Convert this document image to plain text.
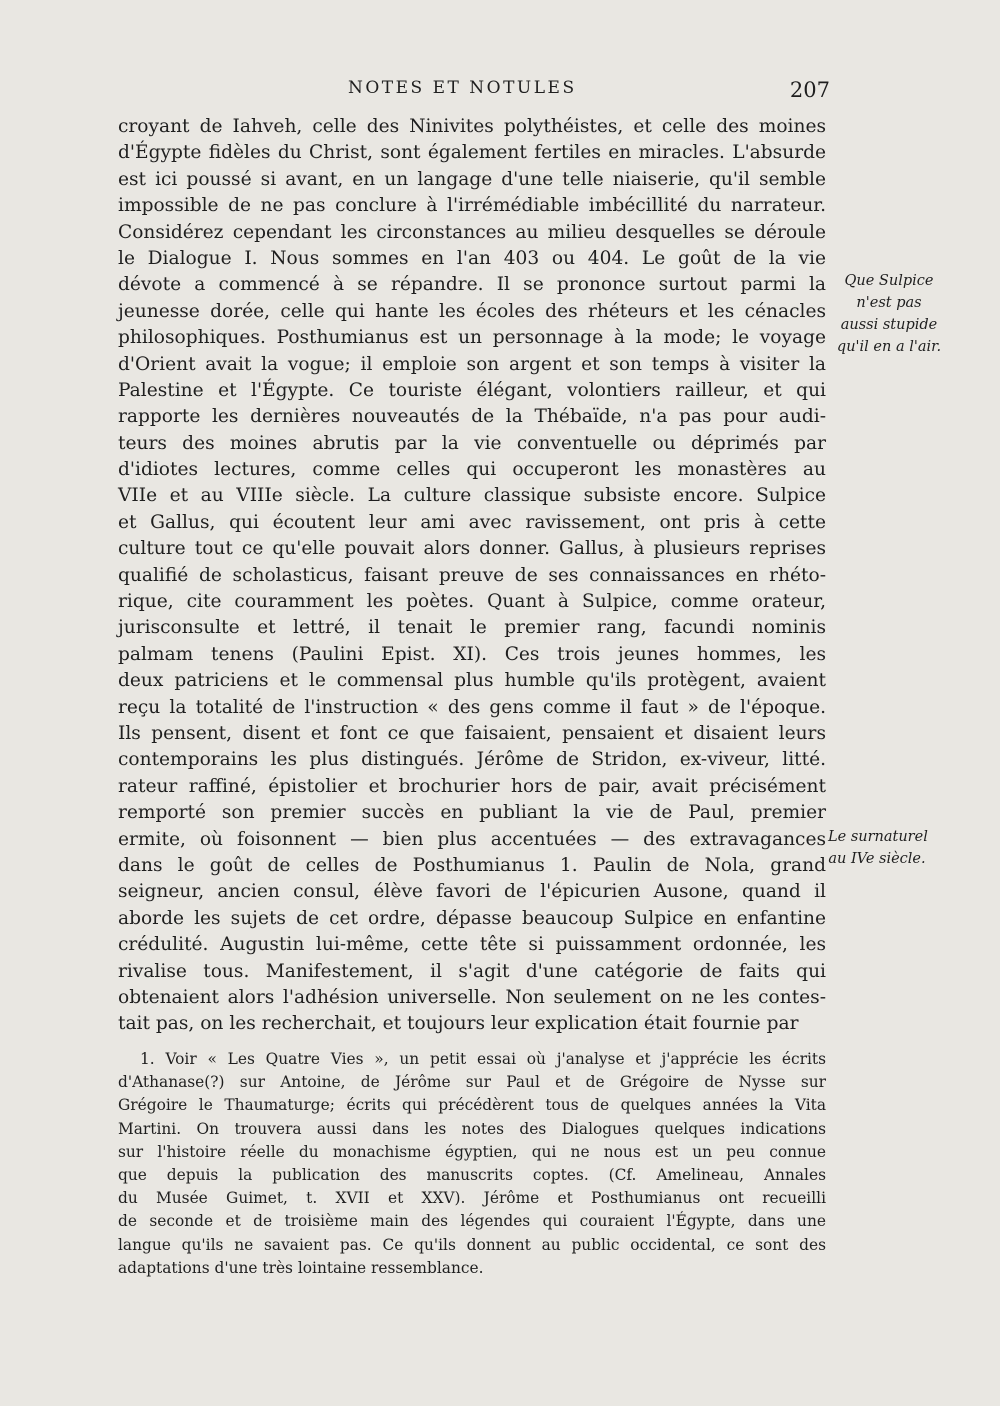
NOTES ET NOTULES	207
croyant de Iahveh, celle des Ninivites polythéistes, et celle des moines
d'Égypte fidèles du Christ, sont également fertiles en miracles. L'absurde
est ici poussé si avant, en un langage d'une telle niaiserie, qu'il semble
impossible de ne pas conclure à l'irrémédiable imbécillité du narrateur.
Considérez cependant les circonstances au milieu desquelles se déroule
le Dialogue I. Nous sommes en l'an 403 ou 404. Le goût de la vie
dévote a commencé à se répandre. Il se prononce surtout parmi la
jeunesse dorée, celle qui hante les écoles des rhéteurs et les cénacles
philosophiques. Posthumianus est un personnage à la mode; le voyage
d'Orient avait la vogue; il emploie son argent et son temps à visiter la
Palestine et l'Égypte. Ce touriste élégant, volontiers railleur, et qui
rapporte les dernières nouveautés de la Thébaïde, n'a pas pour audi-
teurs des moines abrutis par la vie conventuelle ou déprimés par
d'idiotes lectures, comme celles qui occuperont les monastères au
VIIe et au VIIIe siècle. La culture classique subsiste encore. Sulpice
et Gallus, qui écoutent leur ami avec ravissement, ont pris à cette
culture tout ce qu'elle pouvait alors donner. Gallus, à plusieurs reprises
qualifié de scholasticus, faisant preuve de ses connaissances en rhéto-
rique, cite couramment les poètes. Quant à Sulpice, comme orateur,
jurisconsulte et lettré, il tenait le premier rang, facundi nominis
palmam tenens (Paulini Epist. XI). Ces trois jeunes hommes, les
deux patriciens et le commensal plus humble qu'ils protègent, avaient
reçu la totalité de l'instruction « des gens comme il faut » de l'époque.
Ils pensent, disent et font ce que faisaient, pensaient et disaient leurs
contemporains les plus distingués. Jérôme de Stridon, ex-viveur, litté.
rateur raffiné, épistolier et brochurier hors de pair, avait précisément
remporté son premier succès en publiant la vie de Paul, premier
ermite, où foisonnent — bien plus accentuées — des extravagances
dans le goût de celles de Posthumianus 1. Paulin de Nola, grand
seigneur, ancien consul, élève favori de l'épicurien Ausone, quand il
aborde les sujets de cet ordre, dépasse beaucoup Sulpice en enfantine
crédulité. Augustin lui-même, cette tête si puissamment ordonnée, les
rivalise tous. Manifestement, il s'agit d'une catégorie de faits qui
obtenaient alors l'adhésion universelle. Non seulement on ne les contes-
tait pas, on les recherchait, et toujours leur explication était fournie par
Que Sulpice
n'est pas
aussi stupide
qu'il en a l'air.
Le surnaturel
au IVe siècle.
1. Voir « Les Quatre Vies », un petit essai où j'analyse et j'apprécie les écrits
d'Athanase(?) sur Antoine, de Jérôme sur Paul et de Grégoire de Nysse sur
Grégoire le Thaumaturge; écrits qui précédèrent tous de quelques années la Vita
Martini. On trouvera aussi dans les notes des Dialogues quelques indications
sur l'histoire réelle du monachisme égyptien, qui ne nous est un peu connue
que depuis la publication des manuscrits coptes. (Cf. Amelineau, Annales
du Musée Guimet, t. XVII et XXV). Jérôme et Posthumianus ont recueilli
de seconde et de troisième main des légendes qui couraient l'Égypte, dans une
langue qu'ils ne savaient pas. Ce qu'ils donnent au public occidental, ce sont des
adaptations d'une très lointaine ressemblance.
